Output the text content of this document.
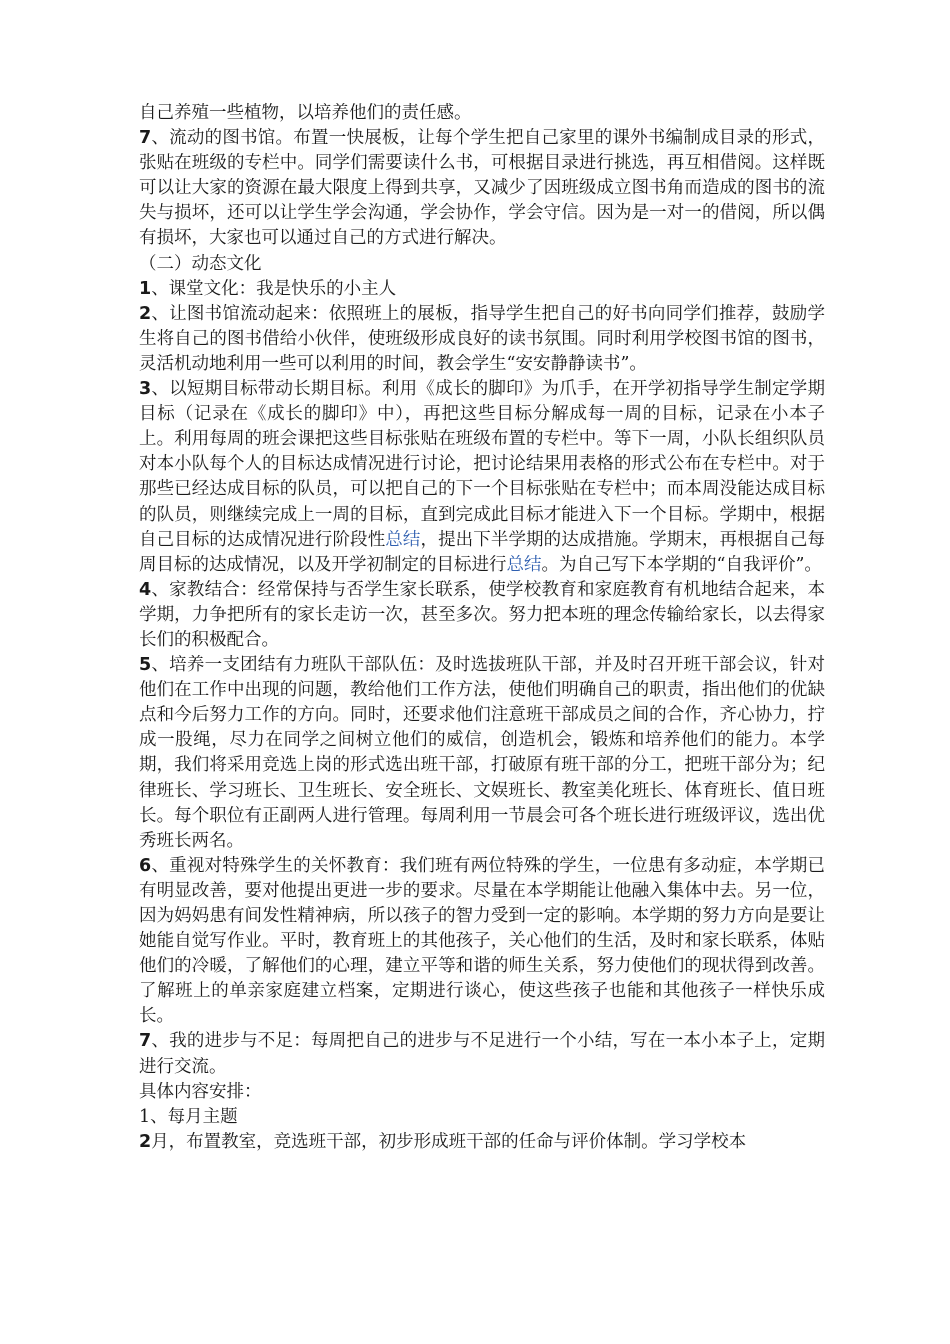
自己养殖一些植物，以培养他们的责任感。

7、流动的图书馆。布置一快展板，让每个学生把自己家里的课外书编制成目录的形式，张贴在班级的专栏中。同学们需要读什么书，可根据目录进行挑选，再互相借阅。这样既可以让大家的资源在最大限度上得到共享，又减少了因班级成立图书角而造成的图书的流失与损坏，还可以让学生学会沟通，学会协作，学会守信。因为是一对一的借阅，所以偶有损坏，大家也可以通过自己的方式进行解决。

（二）动态文化

1、课堂文化：我是快乐的小主人

2、让图书馆流动起来：依照班上的展板，指导学生把自己的好书向同学们推荐，鼓励学生将自己的图书借给小伙伴，使班级形成良好的读书氛围。同时利用学校图书馆的图书，灵活机动地利用一些可以利用的时间，教会学生“安安静静读书”。

3、以短期目标带动长期目标。利用《成长的脚印》为爪手，在开学初指导学生制定学期目标（记录在《成长的脚印》中），再把这些目标分解成每一周的目标，记录在小本子上。利用每周的班会课把这些目标张贴在班级布置的专栏中。等下一周，小队长组织队员对本小队每个人的目标达成情况进行讨论，把讨论结果用表格的形式公布在专栏中。对于那些已经达成目标的队员，可以把自己的下一个目标张贴在专栏中；而本周没能达成目标的队员，则继续完成上一周的目标，直到完成此目标才能进入下一个目标。学期中，根据自己目标的达成情况进行阶段性总结，提出下半学期的达成措施。学期末，再根据自己每周目标的达成情况，以及开学初制定的目标进行总结。为自己写下本学期的“自我评价”。

4、家教结合：经常保持与否学生家长联系，使学校教育和家庭教育有机地结合起来，本学期，力争把所有的家长走访一次，甚至多次。努力把本班的理念传输给家长，以去得家长们的积极配合。

5、培养一支团结有力班队干部队伍：及时选拔班队干部，并及时召开班干部会议，针对他们在工作中出现的问题，教给他们工作方法，使他们明确自己的职责，指出他们的优缺点和今后努力工作的方向。同时，还要求他们注意班干部成员之间的合作，齐心协力，拧成一股绳，尽力在同学之间树立他们的威信，创造机会，锻炼和培养他们的能力。本学期，我们将采用竞选上岗的形式选出班干部，打破原有班干部的分工，把班干部分为；纪律班长、学习班长、卫生班长、安全班长、文娱班长、教室美化班长、体育班长、值日班长。每个职位有正副两人进行管理。每周利用一节晨会可各个班长进行班级评议，选出优秀班长两名。

6、重视对特殊学生的关怀教育：我们班有两位特殊的学生，一位患有多动症，本学期已有明显改善，要对他提出更进一步的要求。尽量在本学期能让他融入集体中去。另一位，因为妈妈患有间发性精神病，所以孩子的智力受到一定的影响。本学期的努力方向是要让她能自觉写作业。平时，教育班上的其他孩子，关心他们的生活，及时和家长联系，体贴他们的冷暖，了解他们的心理，建立平等和谐的师生关系，努力使他们的现状得到改善。了解班上的单亲家庭建立档案，定期进行谈心，使这些孩子也能和其他孩子一样快乐成长。

7、我的进步与不足：每周把自己的进步与不足进行一个小结，写在一本小本子上，定期进行交流。

具体内容安排：

1、每月主题

2月，布置教室，竞选班干部，初步形成班干部的任命与评价体制。学习学校本
